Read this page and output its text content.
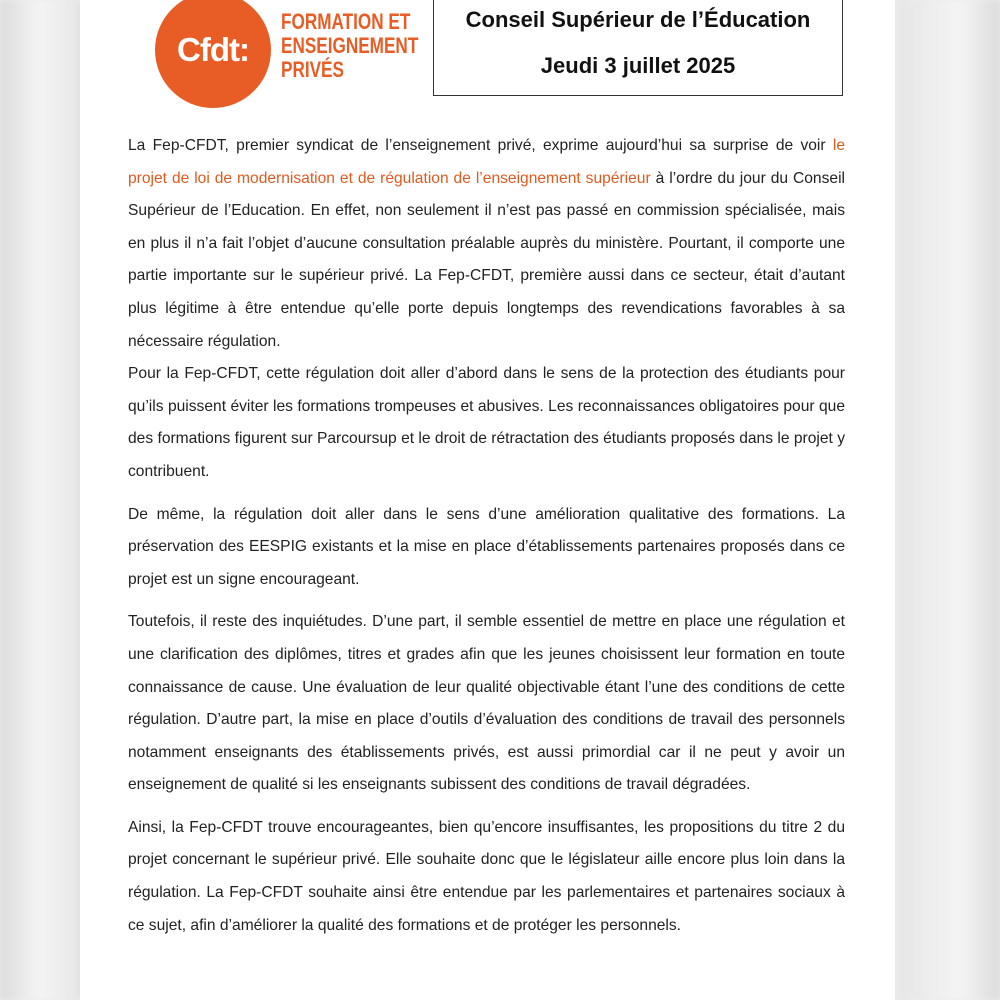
Cfdt:
FORMATION ET
ENSEIGNEMENT
PRIVÉS
Conseil Supérieur de l’Éducation
Jeudi 3 juillet 2025

La Fep-CFDT, premier syndicat de l’enseignement privé, exprime aujourd’hui sa surprise de voir le projet de loi de modernisation et de régulation de l’enseignement supérieur à l’ordre du jour du Conseil Supérieur de l’Education. En effet, non seulement il n’est pas passé en commission spécialisée, mais en plus il n’a fait l’objet d’aucune consultation préalable auprès du ministère. Pourtant, il comporte une partie importante sur le supérieur privé. La Fep-CFDT, première aussi dans ce secteur, était d’autant plus légitime à être entendue qu’elle porte depuis longtemps des revendications favorables à sa nécessaire régulation.

Pour la Fep-CFDT, cette régulation doit aller d’abord dans le sens de la protection des étudiants pour qu’ils puissent éviter les formations trompeuses et abusives. Les reconnaissances obligatoires pour que des formations figurent sur Parcoursup et le droit de rétractation des étudiants proposés dans le projet y contribuent.

De même, la régulation doit aller dans le sens d’une amélioration qualitative des formations. La préservation des EESPIG existants et la mise en place d’établissements partenaires proposés dans ce projet est un signe encourageant.

Toutefois, il reste des inquiétudes. D’une part, il semble essentiel de mettre en place une régulation et une clarification des diplômes, titres et grades afin que les jeunes choisissent leur formation en toute connaissance de cause. Une évaluation de leur qualité objectivable étant l’une des conditions de cette régulation. D’autre part, la mise en place d’outils d’évaluation des conditions de travail des personnels notamment enseignants des établissements privés, est aussi primordial car il ne peut y avoir un enseignement de qualité si les enseignants subissent des conditions de travail dégradées.

Ainsi, la Fep-CFDT trouve encourageantes, bien qu’encore insuffisantes, les propositions du titre 2 du projet concernant le supérieur privé. Elle souhaite donc que le législateur aille encore plus loin dans la régulation. La Fep-CFDT souhaite ainsi être entendue par les parlementaires et partenaires sociaux à ce sujet, afin d’améliorer la qualité des formations et de protéger les personnels.
